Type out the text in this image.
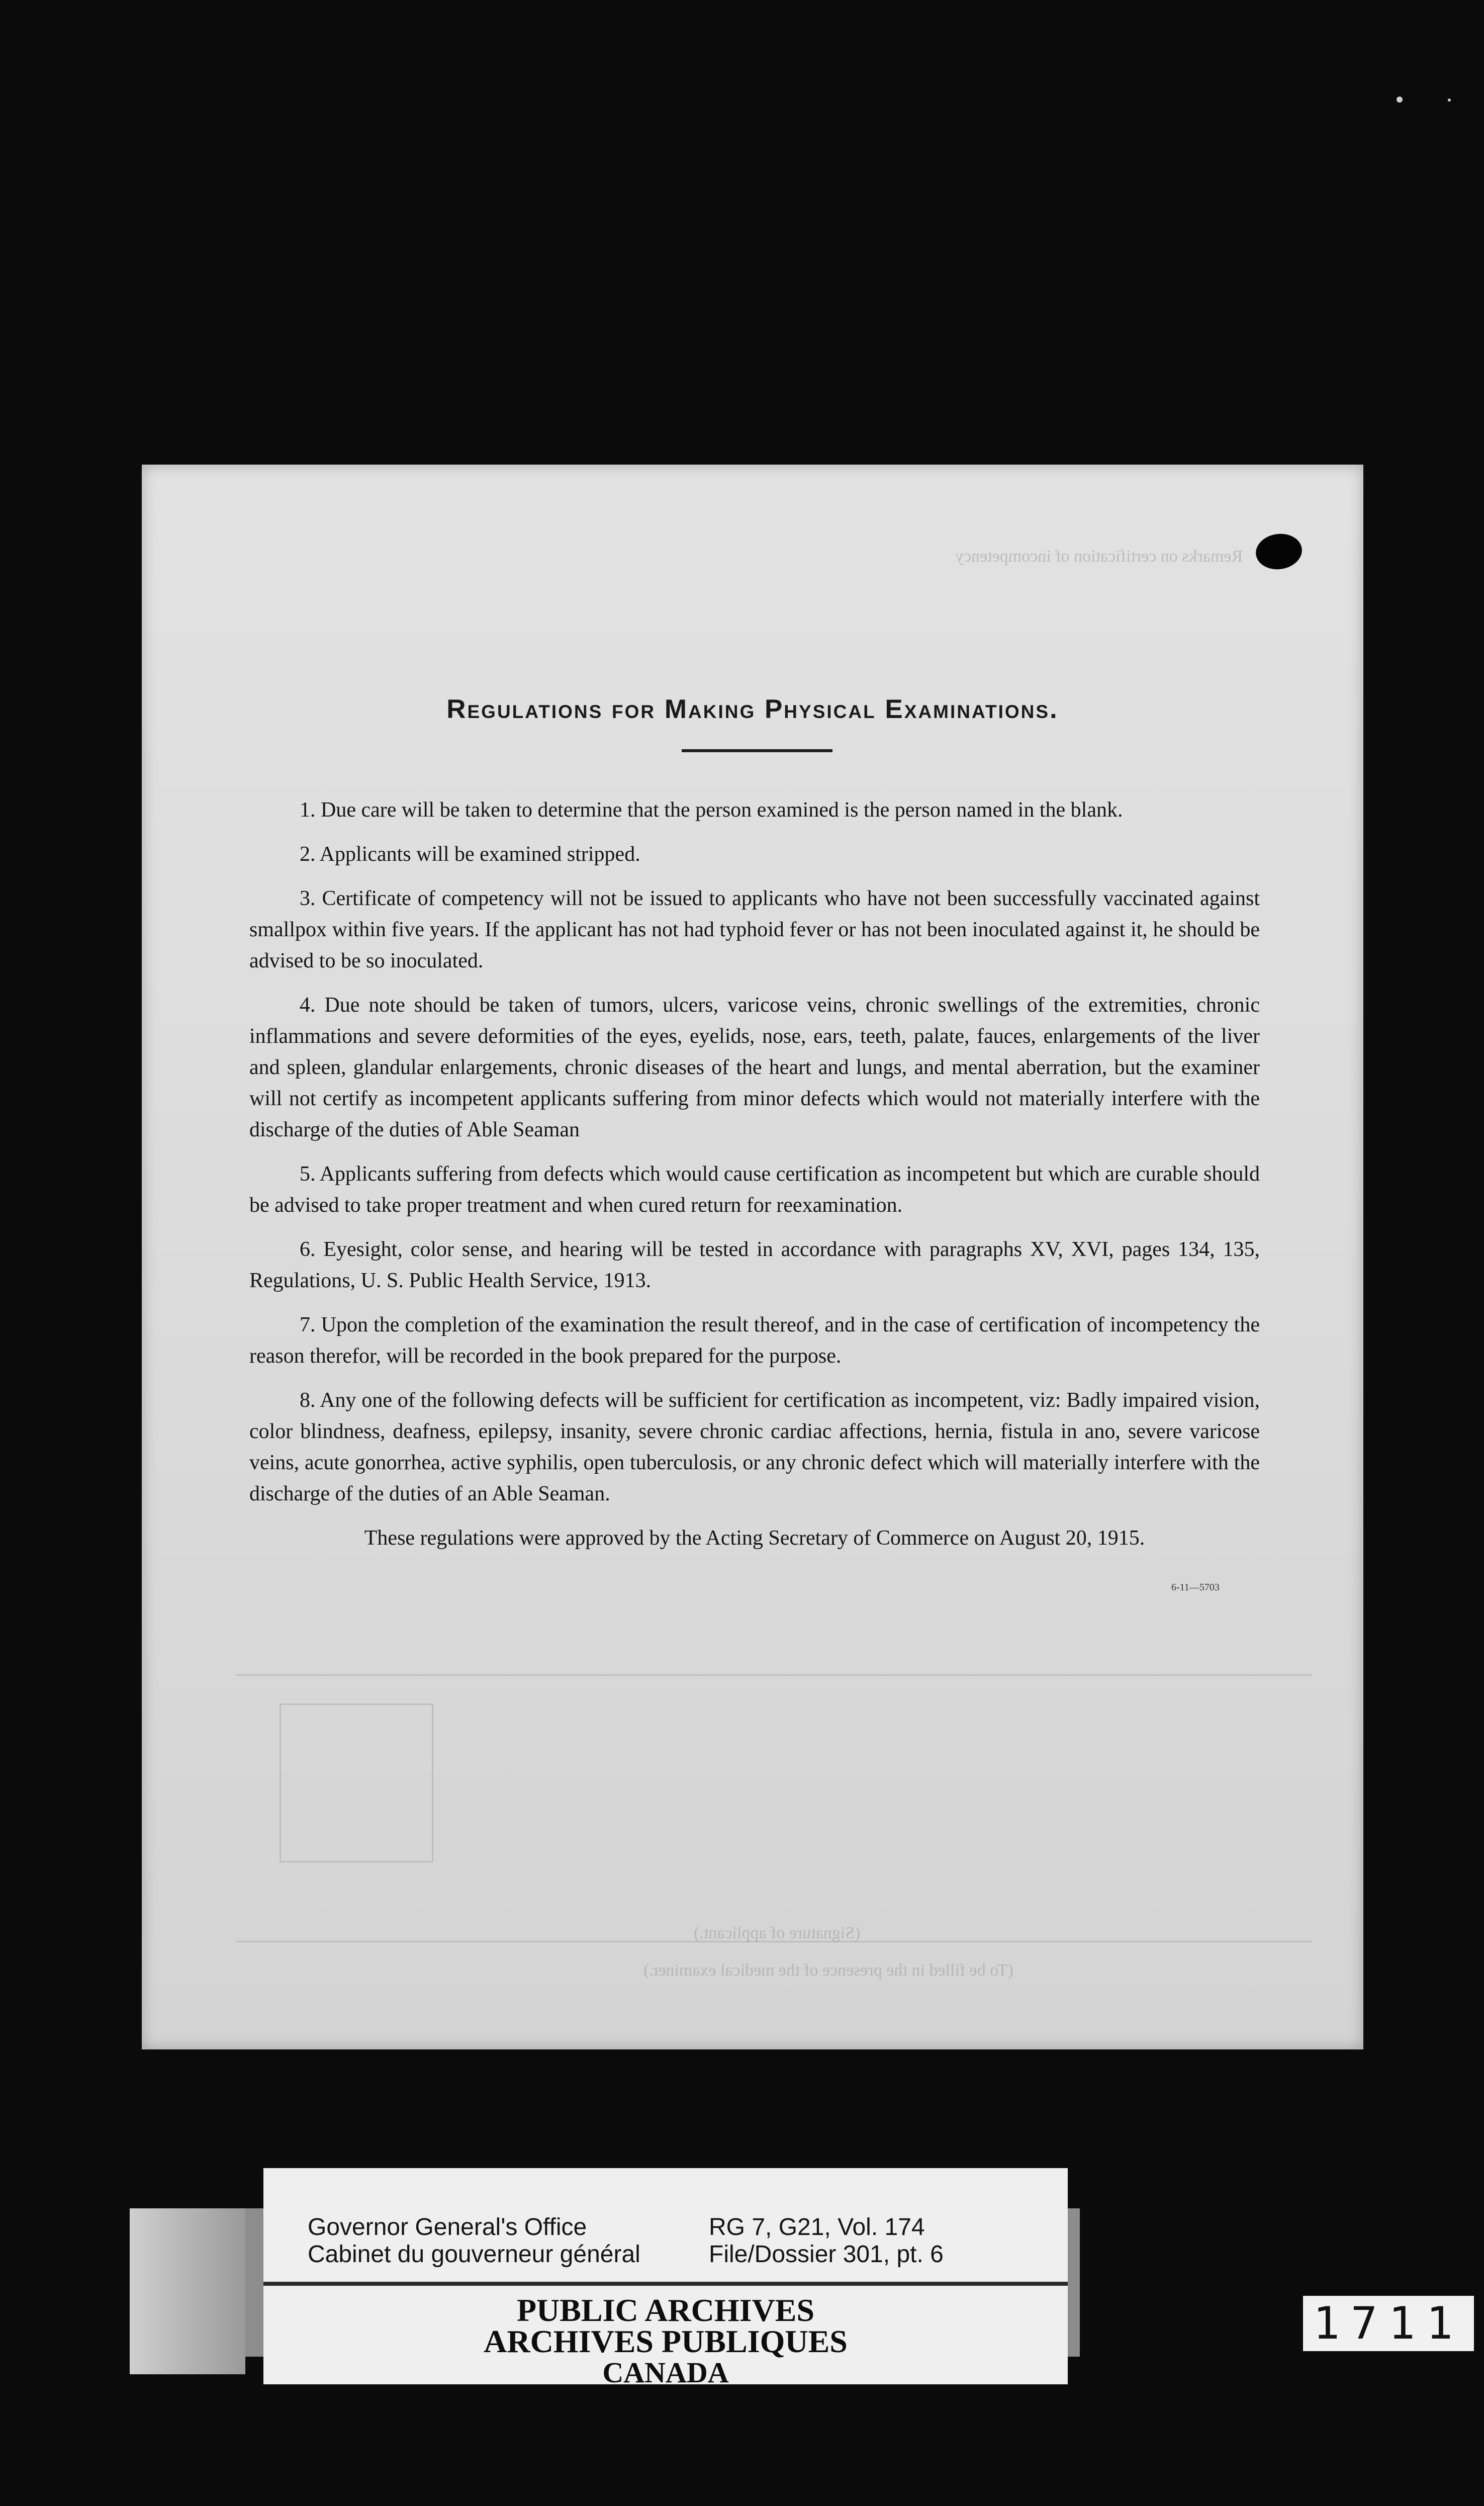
Remarks on certification of incompetency
Regulations for Making Physical Examinations.

1. Due care will be taken to determine that the person examined is the person named in the blank.

2. Applicants will be examined stripped.

3. Certificate of competency will not be issued to applicants who have not been successfully vaccinated against smallpox within five years. If the applicant has not had typhoid fever or has not been inoculated against it, he should be advised to be so inoculated.

4. Due note should be taken of tumors, ulcers, varicose veins, chronic swellings of the extremities, chronic inflammations and severe deformities of the eyes, eyelids, nose, ears, teeth, palate, fauces, enlargements of the liver and spleen, glandular enlargements, chronic diseases of the heart and lungs, and mental aberration, but the examiner will not certify as incompetent applicants suffering from minor defects which would not materially interfere with the discharge of the duties of Able Seaman

5. Applicants suffering from defects which would cause certification as incompetent but which are curable should be advised to take proper treatment and when cured return for reexamination.

6. Eyesight, color sense, and hearing will be tested in accordance with paragraphs XV, XVI, pages 134, 135, Regulations, U. S. Public Health Service, 1913.

7. Upon the completion of the examination the result thereof, and in the case of certification of incompetency the reason therefor, will be recorded in the book prepared for the purpose.

8. Any one of the following defects will be sufficient for certification as incompetent, viz: Badly impaired vision, color blindness, deafness, epilepsy, insanity, severe chronic cardiac affections, hernia, fistula in ano, severe varicose veins, acute gonorrhea, active syphilis, open tuberculosis, or any chronic defect which will materially interfere with the discharge of the duties of an Able Seaman.

These regulations were approved by the Acting Secretary of Commerce on August 20, 1915.

6-11—5703
(Signature of applicant.)
(To be filled in the presence of the medical examiner.)
Governor General's Office
Cabinet du gouverneur général
RG 7, G21, Vol. 174
File/Dossier 301, pt. 6
PUBLIC ARCHIVES
ARCHIVES PUBLIQUES
CANADA
1711
